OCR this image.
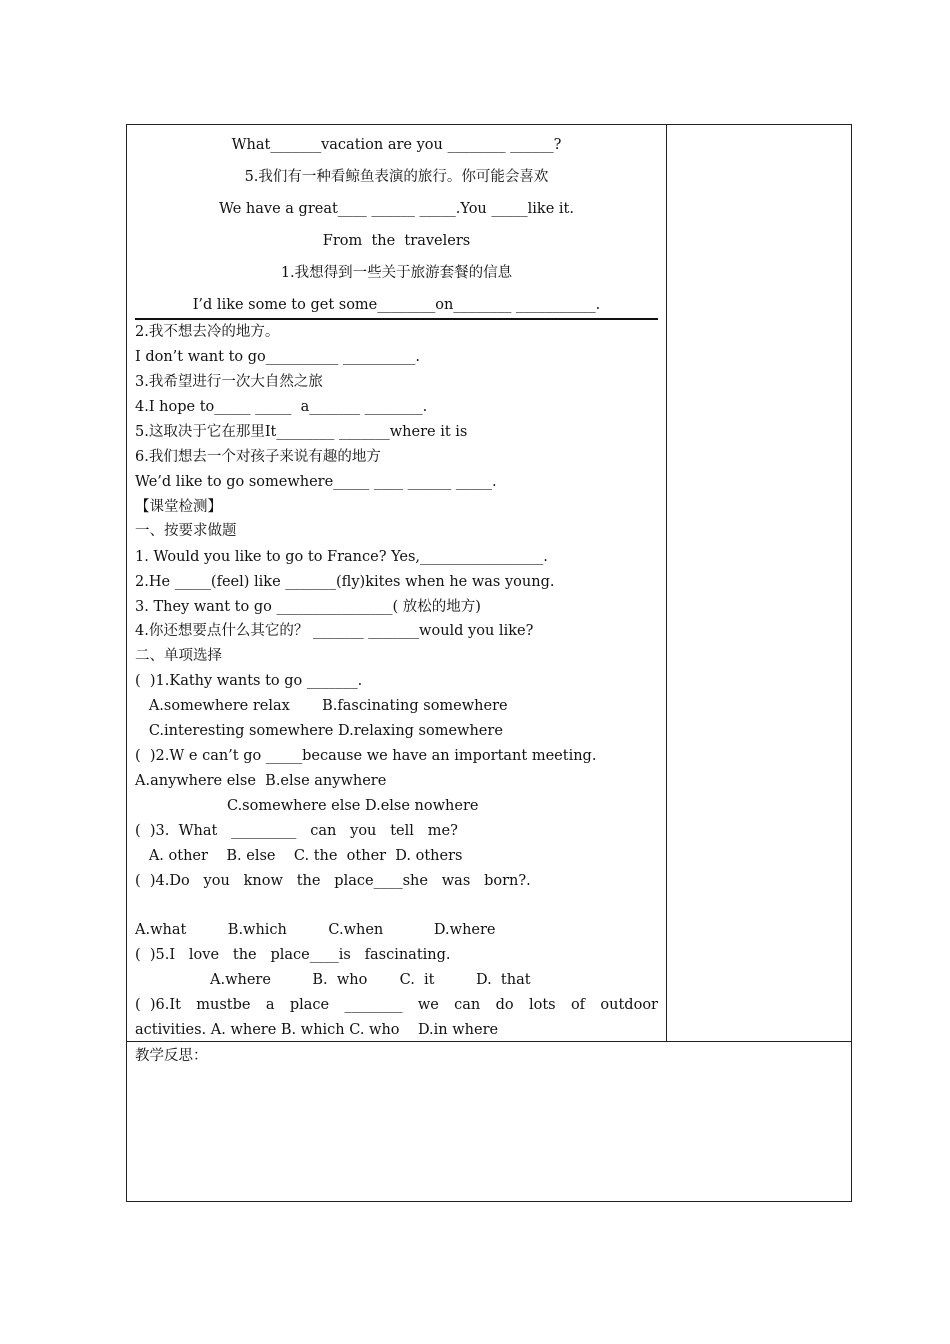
What_______vacation are you ________ ______?
5.我们有一种看鲸鱼表演的旅行。你可能会喜欢
We have a great____ ______ _____.You _____like it.
From  the  travelers
1.我想得到一些关于旅游套餐的信息
I’d like some to get some________on________ ___________.
2.我不想去冷的地方。
I don’t want to go__________ __________.
3.我希望进行一次大自然之旅
4.I hope to_____ _____  a_______ ________.
5.这取决于它在那里It________ _______where it is
6.我们想去一个对孩子来说有趣的地方
We’d like to go somewhere_____ ____ ______ _____.
【课堂检测】
一、按要求做题
1. Would you like to go to France? Yes,_________________.
2.He _____(feel) like _______(fly)kites when he was young.
3. They want to go ________________( 放松的地方)
4.你还想要点什么其它的？ _______ _______would you like?
二、单项选择
(  )1.Kathy wants to go _______.
A.somewhere relax       B.fascinating somewhere
C.interesting somewhere D.relaxing somewhere
(  )2.W e can’t go _____because we have an important meeting.
A.anywhere else  B.else anywhere
C.somewhere else D.else nowhere
(  )3.  What   _________   can   you   tell   me?
A. other    B. else    C. the  other  D. others
(  )4.Do   you   know   the   place____she   was   born?.
A.what         B.which         C.when           D.where
(  )5.I   love   the   place____is   fascinating.
A.where         B.  who       C.  it         D.  that
(  )6.It mustbe a place ________ we can do lots of outdoor
activities. A. where B. which C. who    D.in where
教学反思：
